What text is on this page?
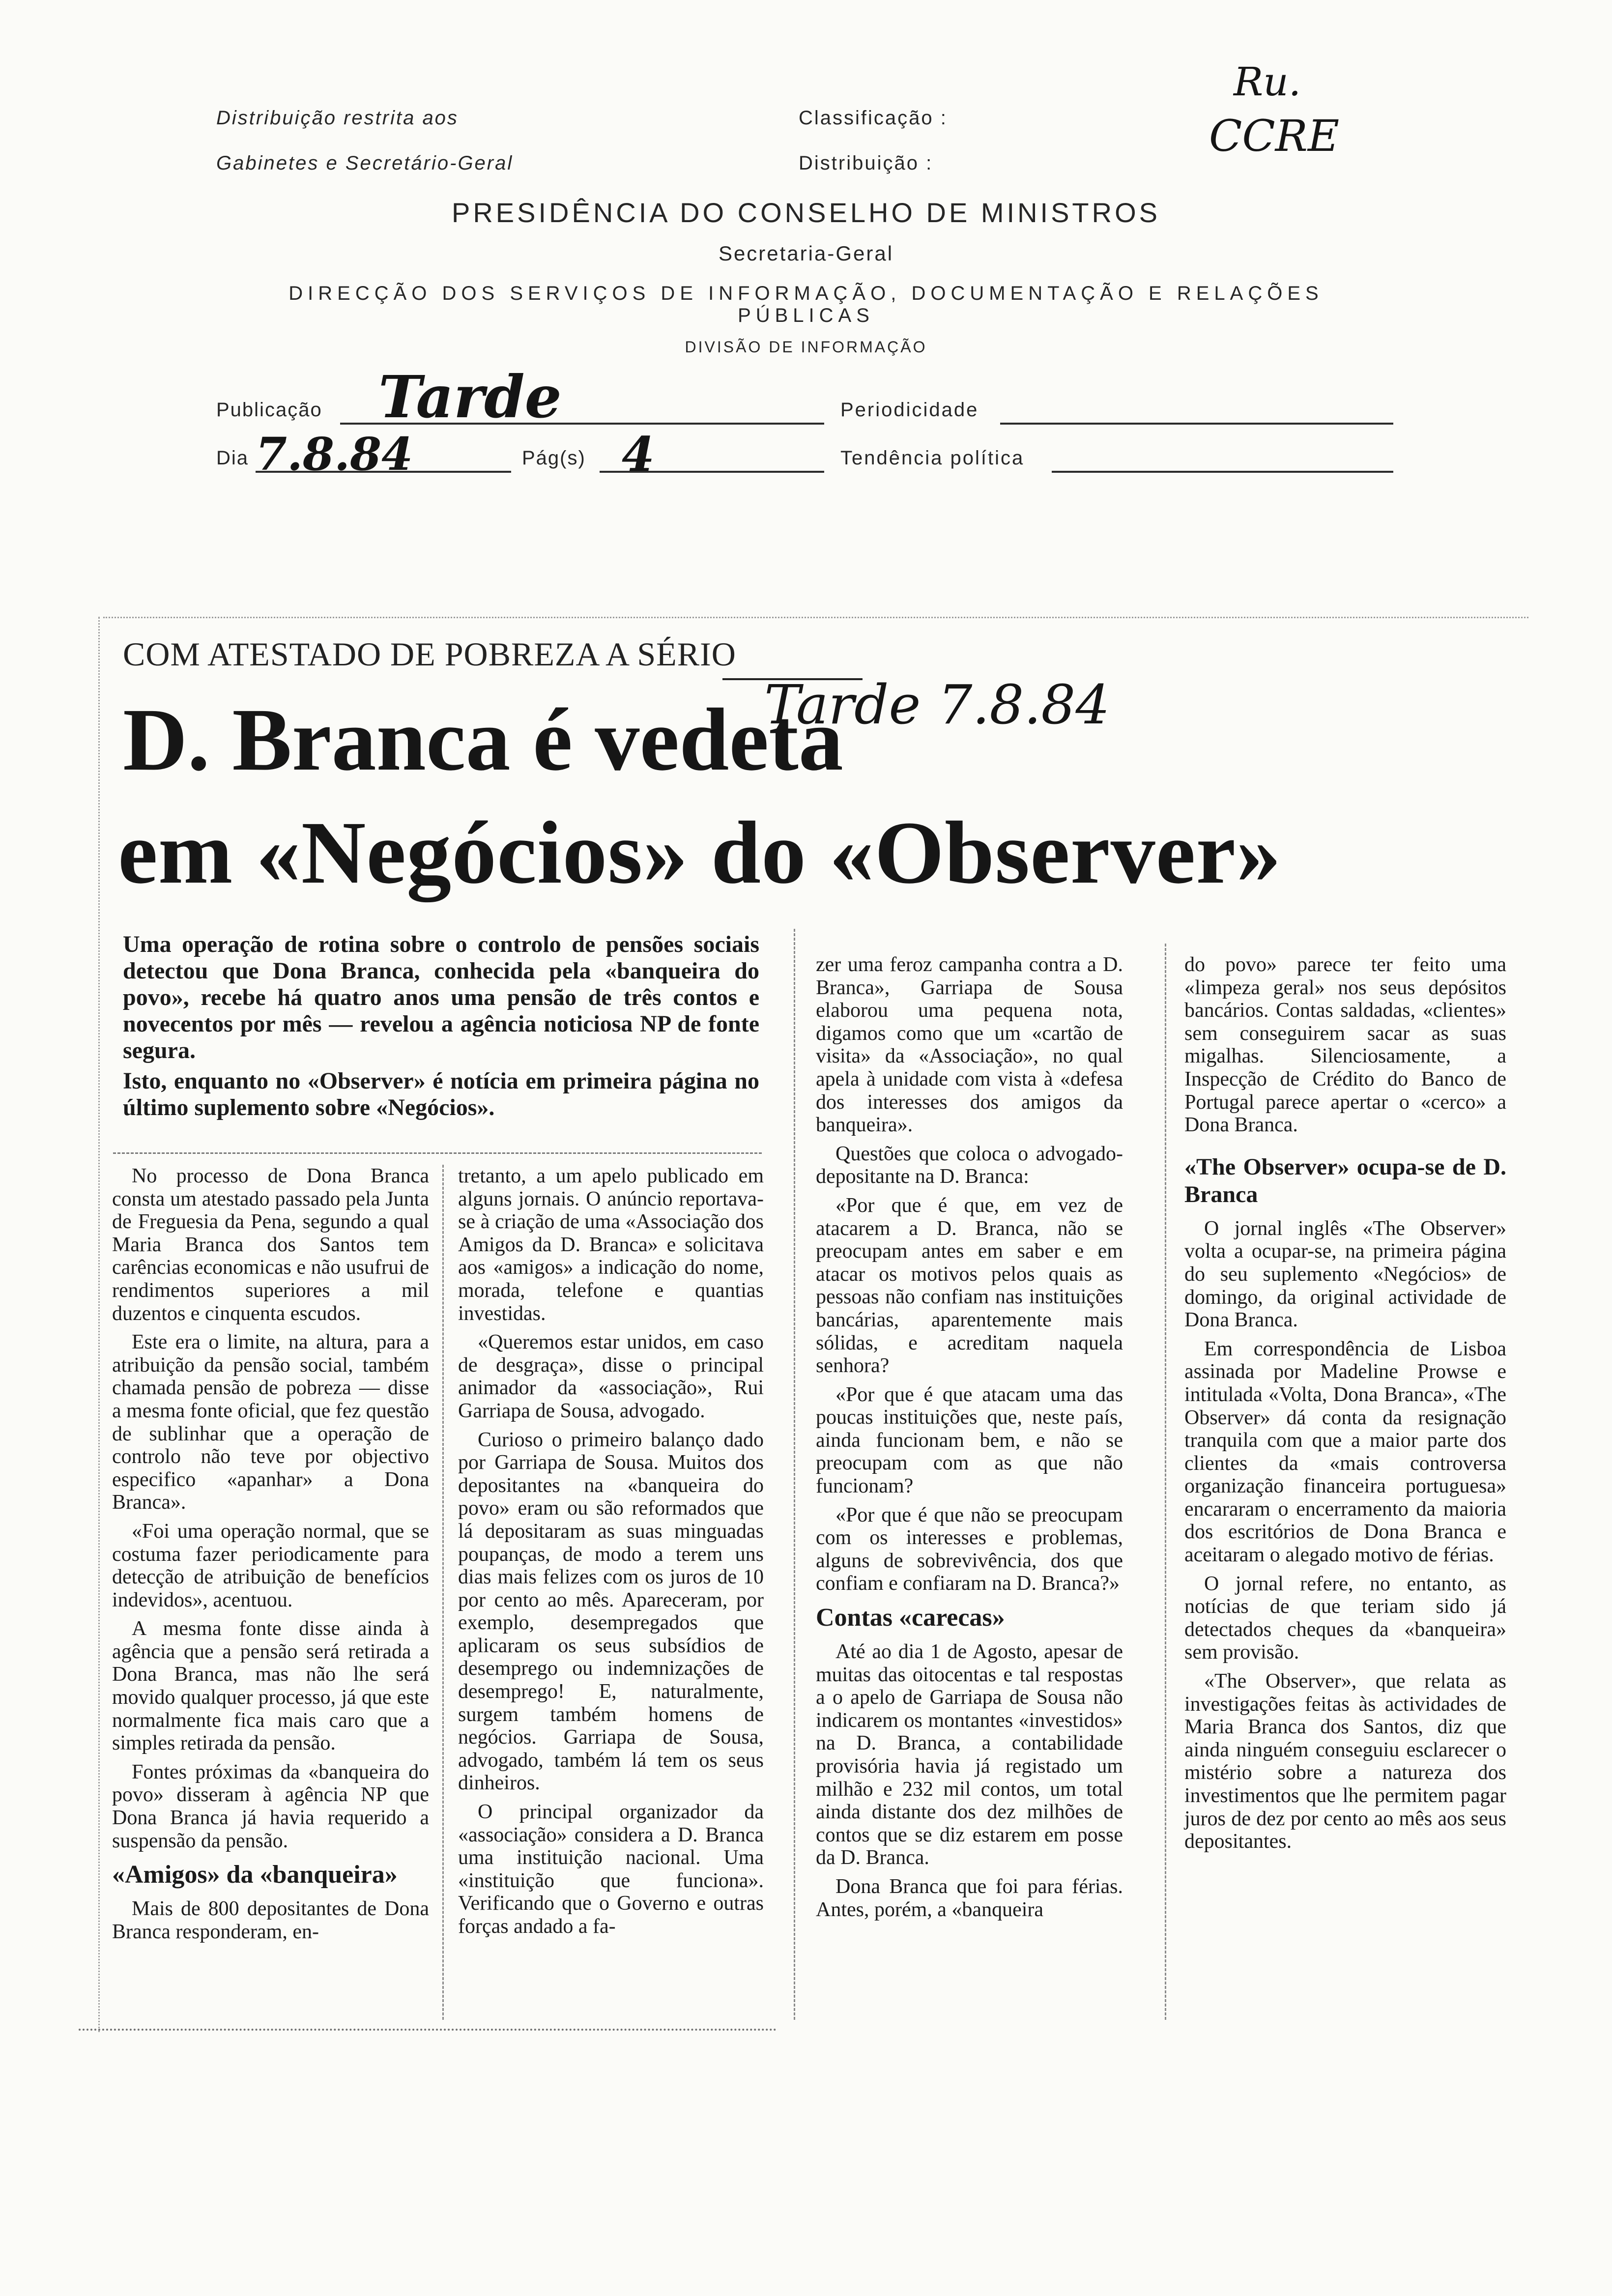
Distribuição restrita aos
Gabinetes e Secretário-Geral
Classificação :
Distribuição :
Ru.
CCRE
PRESIDÊNCIA DO CONSELHO DE MINISTROS
Secretaria-Geral
DIRECÇÃO DOS SERVIÇOS DE INFORMAÇÃO, DOCUMENTAÇÃO E RELAÇÕES PÚBLICAS
DIVISÃO DE INFORMAÇÃO
Publicação Tarde	Periodicidade
Dia 7.8.84	Pág(s) 4	Tendência política
COM ATESTADO DE POBREZA A SÉRIO
D. Branca é vedeta
Tarde 7.8.84
em «Negócios» do «Observer»

Uma operação de rotina sobre o controlo de pensões sociais detectou que Dona Branca, conhecida pela «banqueira do povo», recebe há quatro anos uma pensão de três contos e novecentos por mês — revelou a agência noticiosa NP de fonte segura.

Isto, enquanto no «Observer» é notícia em primeira página no último suplemento sobre «Negócios».

No processo de Dona Branca consta um atestado passado pela Junta de Freguesia da Pena, segundo a qual Maria Branca dos Santos tem carências economicas e não usufrui de rendimentos superiores a mil duzentos e cinquenta escudos.

Este era o limite, na altura, para a atribuição da pensão social, também chamada pensão de pobreza — disse a mesma fonte oficial, que fez questão de sublinhar que a operação de controlo não teve por objectivo especifico «apanhar» a Dona Branca».

«Foi uma operação normal, que se costuma fazer periodicamente para detecção de atribuição de benefícios indevidos», acentuou.

A mesma fonte disse ainda à agência que a pensão será retirada a Dona Branca, mas não lhe será movido qualquer processo, já que este normalmente fica mais caro que a simples retirada da pensão.

Fontes próximas da «banqueira do povo» disseram à agência NP que Dona Branca já havia requerido a suspensão da pensão.

«Amigos» da «banqueira»

Mais de 800 depositantes de Dona Branca responderam, en-

tretanto, a um apelo publicado em alguns jornais. O anúncio reportava-se à criação de uma «Associação dos Amigos da D. Branca» e solicitava aos «amigos» a indicação do nome, morada, telefone e quantias investidas.

«Queremos estar unidos, em caso de desgraça», disse o principal animador da «associação», Rui Garriapa de Sousa, advogado.

Curioso o primeiro balanço dado por Garriapa de Sousa. Muitos dos depositantes na «banqueira do povo» eram ou são reformados que lá depositaram as suas minguadas poupanças, de modo a terem uns dias mais felizes com os juros de 10 por cento ao mês. Apareceram, por exemplo, desempregados que aplicaram os seus subsídios de desemprego ou indemnizações de desemprego! E, naturalmente, surgem também homens de negócios. Garriapa de Sousa, advogado, também lá tem os seus dinheiros.

O principal organizador da «associação» considera a D. Branca uma instituição nacional. Uma «instituição que funciona». Verificando que o Governo e outras forças andado a fa-

zer uma feroz campanha contra a D. Branca», Garriapa de Sousa elaborou uma pequena nota, digamos como que um «cartão de visita» da «Associação», no qual apela à unidade com vista à «defesa dos interesses dos amigos da banqueira».

Questões que coloca o advogado-depositante na D. Branca:

«Por que é que, em vez de atacarem a D. Branca, não se preocupam antes em saber e em atacar os motivos pelos quais as pessoas não confiam nas instituições bancárias, aparentemente mais sólidas, e acreditam naquela senhora?

«Por que é que atacam uma das poucas instituições que, neste país, ainda funcionam bem, e não se preocupam com as que não funcionam?

«Por que é que não se preocupam com os interesses e problemas, alguns de sobrevivência, dos que confiam e confiaram na D. Branca?»

Contas «carecas»

Até ao dia 1 de Agosto, apesar de muitas das oitocentas e tal respostas a o apelo de Garriapa de Sousa não indicarem os montantes «investidos» na D. Branca, a contabilidade provisória havia já registado um milhão e 232 mil contos, um total ainda distante dos dez milhões de contos que se diz estarem em posse da D. Branca.

Dona Branca que foi para férias. Antes, porém, a «banqueira

do povo» parece ter feito uma «limpeza geral» nos seus depósitos bancários. Contas saldadas, «clientes» sem conseguirem sacar as suas migalhas. Silenciosamente, a Inspecção de Crédito do Banco de Portugal parece apertar o «cerco» a Dona Branca.

«The Observer» ocupa-se de D. Branca

O jornal inglês «The Observer» volta a ocupar-se, na primeira página do seu suplemento «Negócios» de domingo, da original actividade de Dona Branca.

Em correspondência de Lisboa assinada por Madeline Prowse e intitulada «Volta, Dona Branca», «The Observer» dá conta da resignação tranquila com que a maior parte dos clientes da «mais controversa organização financeira portuguesa» encararam o encerramento da maioria dos escritórios de Dona Branca e aceitaram o alegado motivo de férias.

O jornal refere, no entanto, as notícias de que teriam sido já detectados cheques da «banqueira» sem provisão.

«The Observer», que relata as investigações feitas às actividades de Maria Branca dos Santos, diz que ainda ninguém conseguiu esclarecer o mistério sobre a natureza dos investimentos que lhe permitem pagar juros de dez por cento ao mês aos seus depositantes.
